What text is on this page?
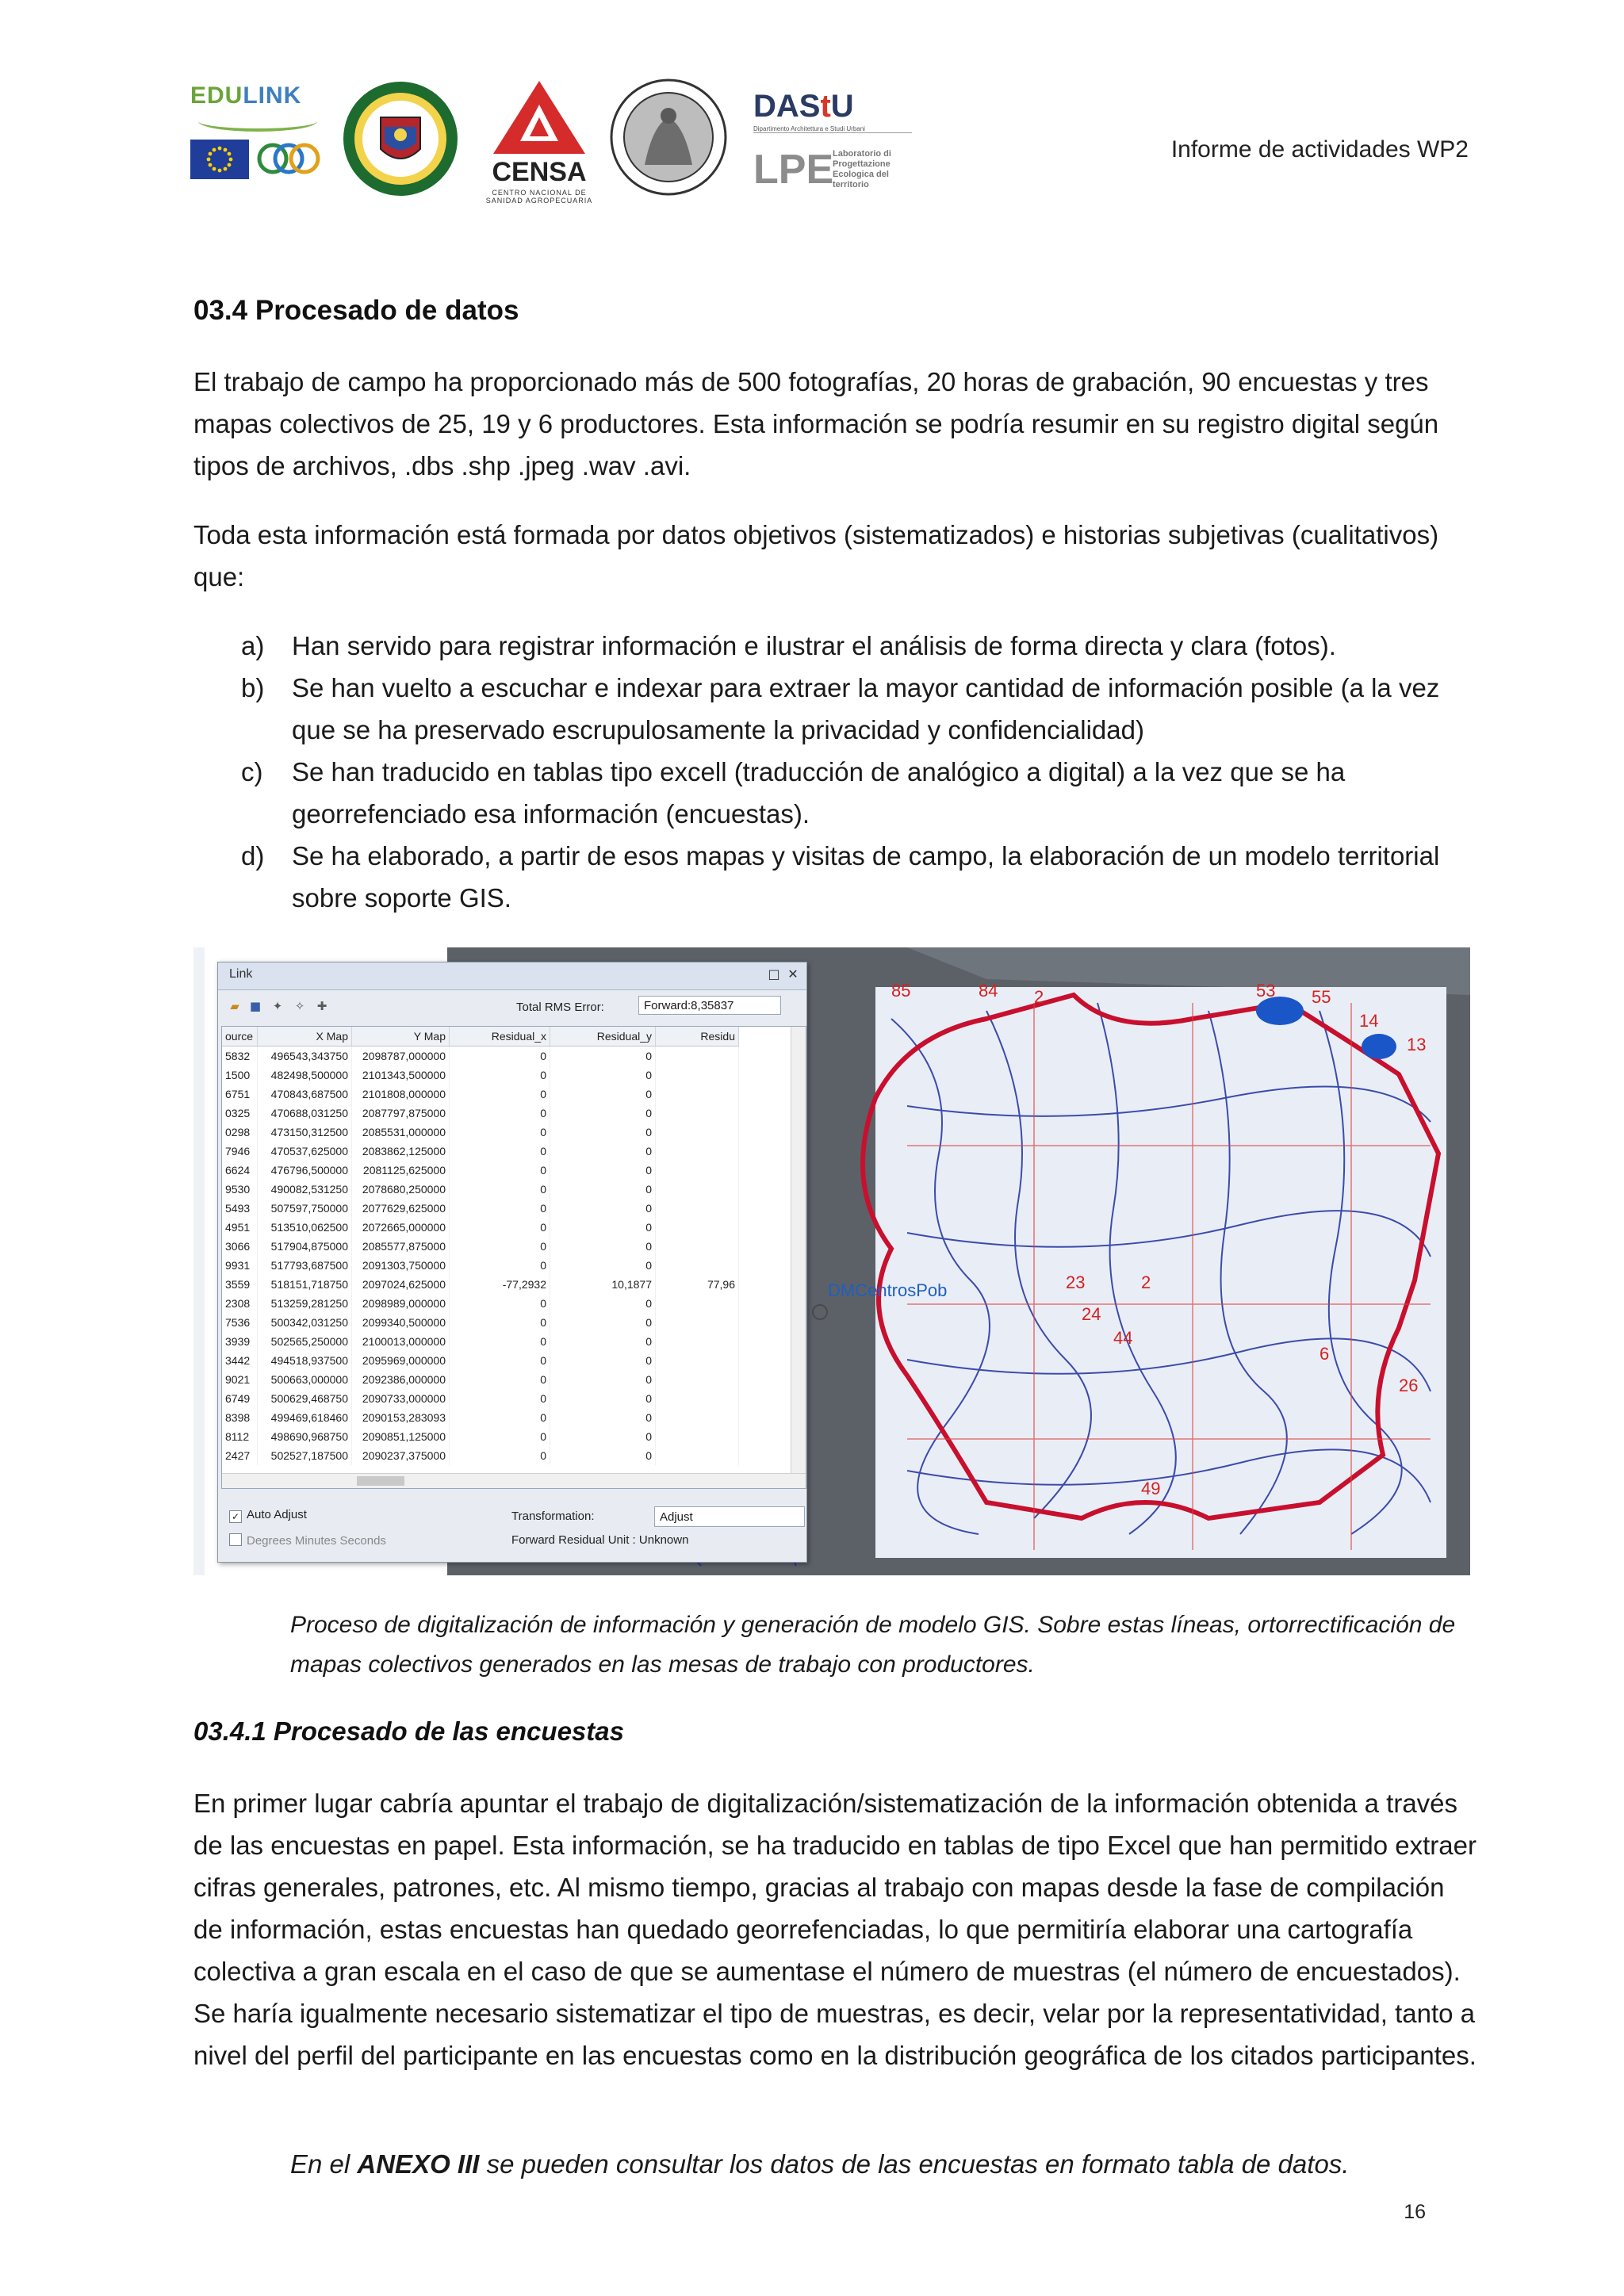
EDULINK
CENSA
CENTRO NACIONAL DE SANIDAD AGROPECUARIA
DAStU
Dipartimento Architettura e Studi Urbani
LPE
Laboratorio di Progettazione Ecologica del territorio
Informe de actividades WP2
03.4 Procesado de datos

El trabajo de campo ha proporcionado más de 500 fotografías, 20 horas de grabación, 90 encuestas y tres mapas colectivos de 25, 19 y 6 productores. Esta información se podría resumir en su registro digital según tipos de archivos, .dbs .shp .jpeg .wav .avi.

Toda esta información está formada por datos objetivos (sistematizados) e historias subjetivas (cualitativos) que:

a) Han servido para registrar información e ilustrar el análisis de forma directa y clara (fotos).
b) Se han vuelto a escuchar e indexar para extraer la mayor cantidad de información posible (a la vez que se ha preservado escrupulosamente la privacidad y confidencialidad)
c) Se han traducido en tablas tipo excell (traducción de analógico a digital) a la vez que se ha georrefenciado esa información (encuestas).
d) Se ha elaborado, a partir de esos mapas y visitas de campo, la elaboración de un modelo territorial sobre soporte GIS.
DMCentrosPob
85	84 2	53 55
14
13
2
23
24
44
6
49
26
Link	□ ✕
▰ ■ ✦	✧	✚	Total RMS Error:	Forward:8,35837
ource	X Map	Y Map	Residual_x	Residual_y	Residu
5832	496543,343750	2098787,000000	0	0	
1500	482498,500000	2101343,500000	0	0	
6751	470843,687500	2101808,000000	0	0	
0325	470688,031250	2087797,875000	0	0	
0298	473150,312500	2085531,000000	0	0	
7946	470537,625000	2083862,125000	0	0	
6624	476796,500000	2081125,625000	0	0	
9530	490082,531250	2078680,250000	0	0	
5493	507597,750000	2077629,625000	0	0	
4951	513510,062500	2072665,000000	0	0	
3066	517904,875000	2085577,875000	0	0	
9931	517793,687500	2091303,750000	0	0	
3559	518151,718750	2097024,625000	-77,2932	10,1877	77,96
2308	513259,281250	2098989,000000	0	0	
7536	500342,031250	2099340,500000	0	0	
3939	502565,250000	2100013,000000	0	0	
3442	494518,937500	2095969,000000	0	0	
9021	500663,000000	2092386,000000	0	0	
6749	500629,468750	2090733,000000	0	0	
8398	499469,618460	2090153,283093	0	0	
8112	498690,968750	2090851,125000	0	0	
2427	502527,187500	2090237,375000	0	0	
✓ Auto Adjust
Degrees Minutes Seconds
Transformation:	Adjust
Forward Residual Unit : Unknown

Proceso de digitalización de información y generación de modelo GIS. Sobre estas líneas, ortorrectificación de mapas colectivos generados en las mesas de trabajo con productores.

03.4.1 Procesado de las encuestas

En primer lugar cabría apuntar el trabajo de digitalización/sistematización de la información obtenida a través de las encuestas en papel. Esta información, se ha traducido en tablas de tipo Excel que han permitido extraer cifras generales, patrones, etc. Al mismo tiempo, gracias al trabajo con mapas desde la fase de compilación de información, estas encuestas han quedado georrefenciadas, lo que permitiría elaborar una cartografía colectiva a gran escala en el caso de que se aumentase el número de muestras (el número de encuestados). Se haría igualmente necesario sistematizar el tipo de muestras, es decir, velar por la representatividad, tanto a nivel del perfil del participante en las encuestas como en la distribución geográfica de los citados participantes.

En el ANEXO III se pueden consultar los datos de las encuestas en formato tabla de datos.
16
